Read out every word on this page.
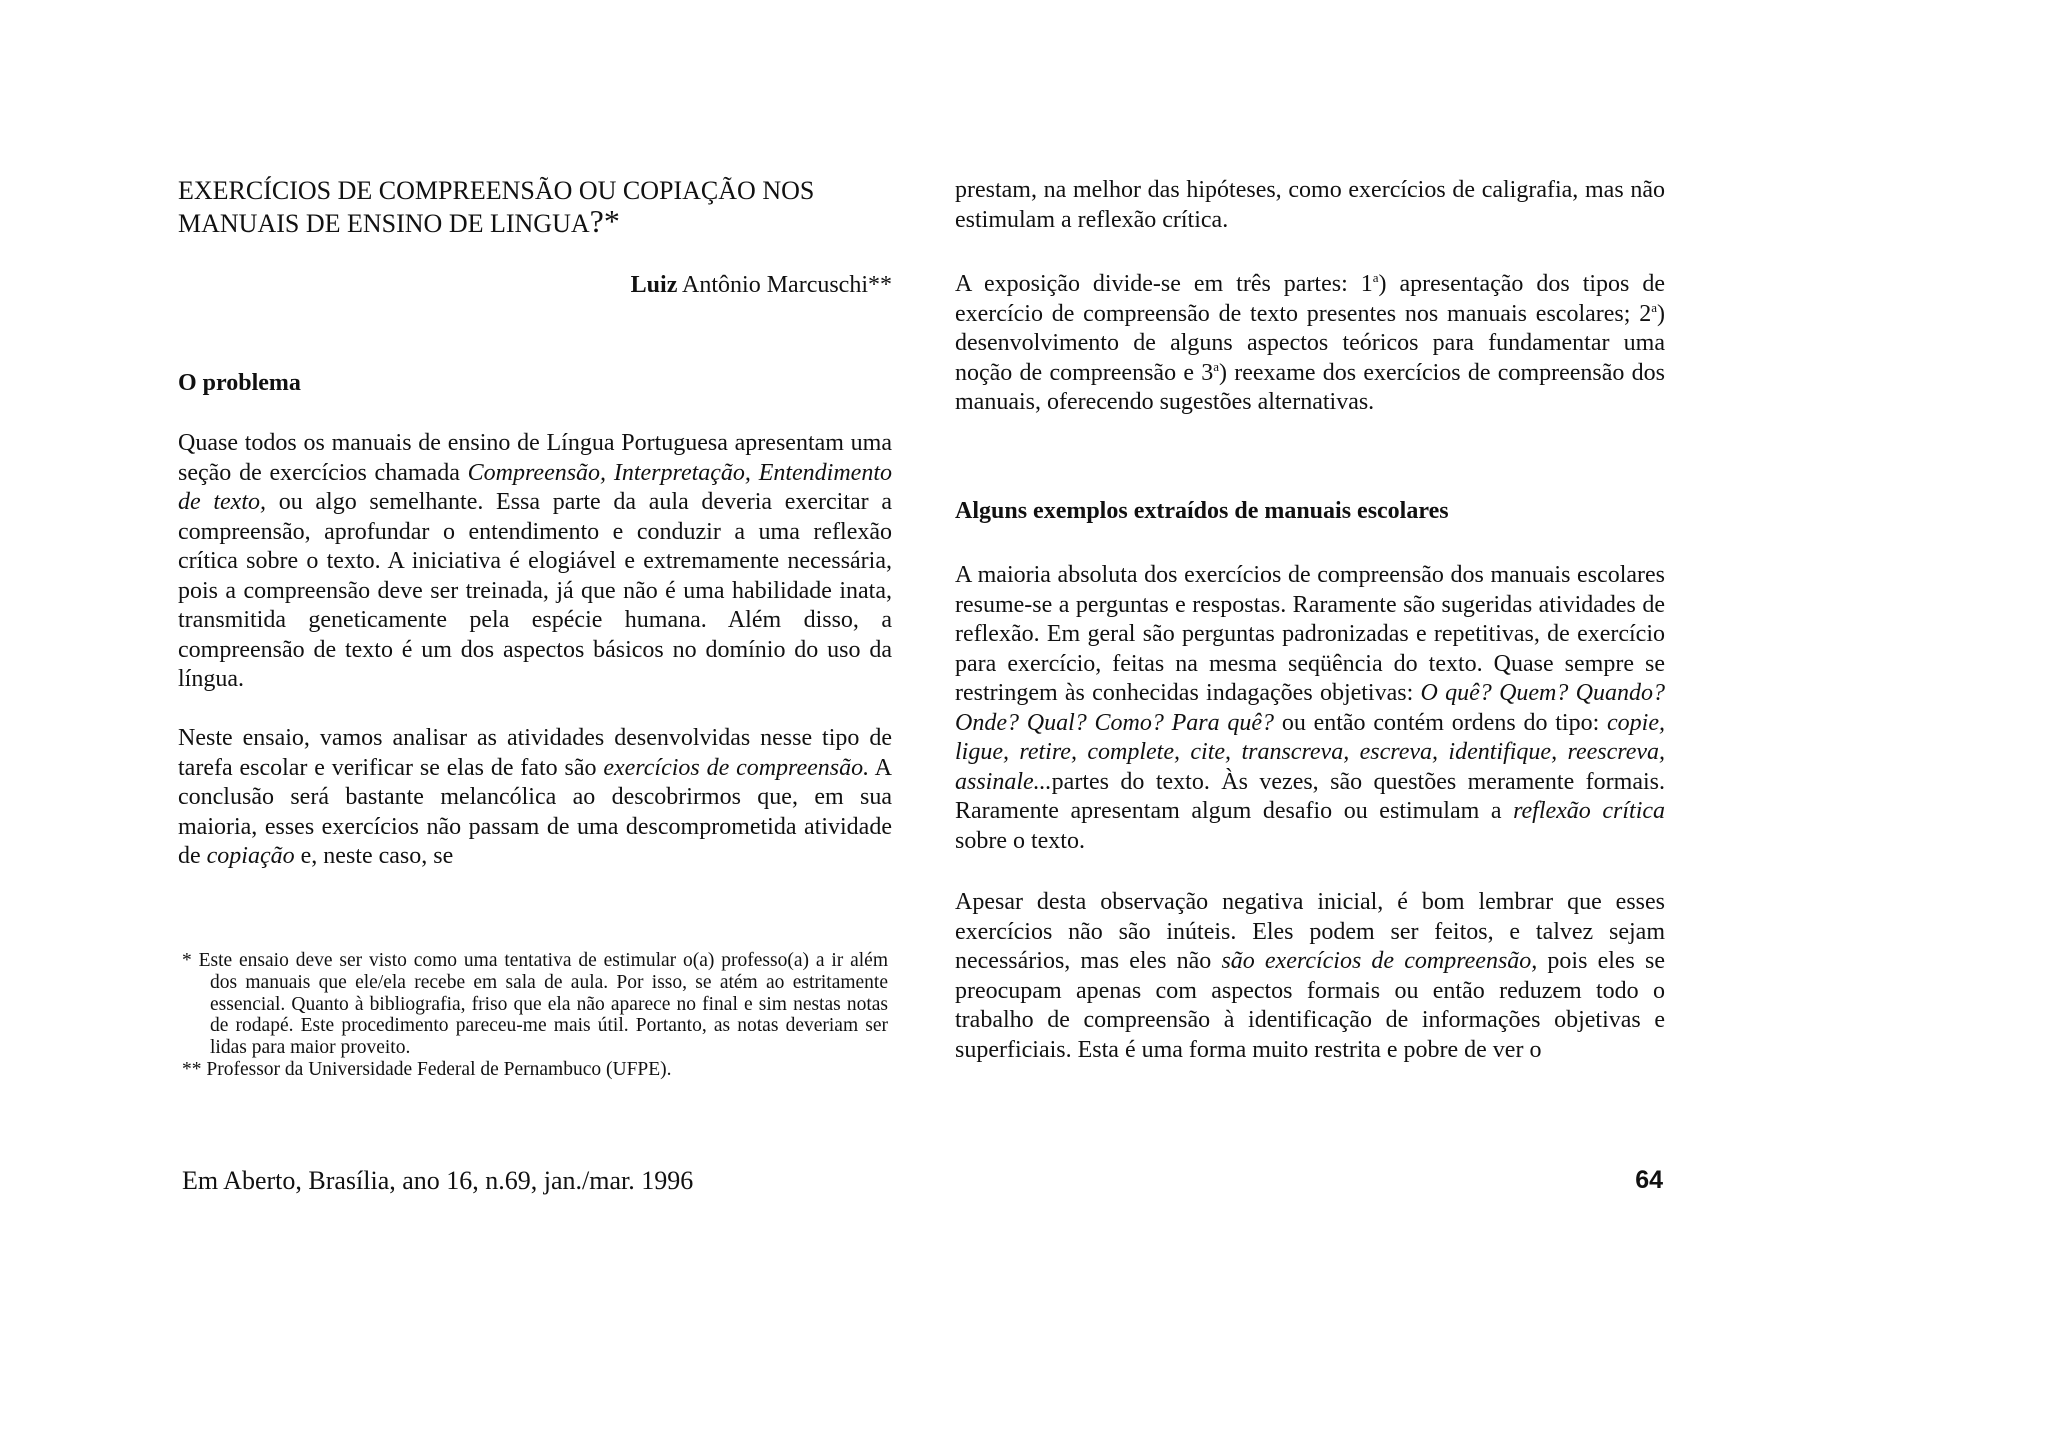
EXERCÍCIOS DE COMPREENSÃO OU COPIAÇÃO NOS MANUAIS DE ENSINO DE LINGUA?*
Luiz Antônio Marcuschi**
O problema

Quase todos os manuais de ensino de Língua Portuguesa apresentam uma seção de exercícios chamada Compreensão, Interpretação, Entendimento de texto, ou algo semelhante. Essa parte da aula deveria exercitar a compreensão, aprofundar o entendimento e conduzir a uma reflexão crítica sobre o texto. A iniciativa é elogiável e extremamente necessária, pois a compreensão deve ser treinada, já que não é uma habilidade inata, transmitida geneticamente pela espécie humana. Além disso, a compreensão de texto é um dos aspectos básicos no domínio do uso da língua.

Neste ensaio, vamos analisar as atividades desenvolvidas nesse tipo de tarefa escolar e verificar se elas de fato são exercícios de compreensão. A conclusão será bastante melancólica ao descobrirmos que, em sua maioria, esses exercícios não passam de uma descomprometida atividade de copiação e, neste caso, se

* Este ensaio deve ser visto como uma tentativa de estimular o(a) professo(a) a ir além dos manuais que ele/ela recebe em sala de aula. Por isso, se atém ao estritamente essencial. Quanto à bibliografia, friso que ela não aparece no final e sim nestas notas de rodapé. Este procedimento pareceu-me mais útil. Portanto, as notas deveriam ser lidas para maior proveito.

** Professor da Universidade Federal de Pernambuco (UFPE).

prestam, na melhor das hipóteses, como exercícios de caligrafia, mas não estimulam a reflexão crítica.

A exposição divide-se em três partes: 1$^a$) apresentação dos tipos de exercício de compreensão de texto presentes nos manuais escolares; 2$^a$) desenvolvimento de alguns aspectos teóricos para fundamentar uma noção de compreensão e 3$^a$) reexame dos exercícios de compreensão dos manuais, oferecendo sugestões alternativas.

Alguns exemplos extraídos de manuais escolares

A maioria absoluta dos exercícios de compreensão dos manuais escolares resume-se a perguntas e respostas. Raramente são sugeridas atividades de reflexão. Em geral são perguntas padronizadas e repetitivas, de exercício para exercício, feitas na mesma seqüência do texto. Quase sempre se restringem às conhecidas indagações objetivas: O quê? Quem? Quando? Onde? Qual? Como? Para quê? ou então contém ordens do tipo: copie, ligue, retire, complete, cite, transcreva, escreva, identifique, reescreva, assinale...partes do texto. Às vezes, são questões meramente formais. Raramente apresentam algum desafio ou estimulam a reflexão crítica sobre o texto.

Apesar desta observação negativa inicial, é bom lembrar que esses exercícios não são inúteis. Eles podem ser feitos, e talvez sejam necessários, mas eles não são exercícios de compreensão, pois eles se preocupam apenas com aspectos formais ou então reduzem todo o trabalho de compreensão à identificação de informações objetivas e superficiais. Esta é uma forma muito restrita e pobre de ver o

Em Aberto, Brasília, ano 16, n.69, jan./mar. 1996	64
